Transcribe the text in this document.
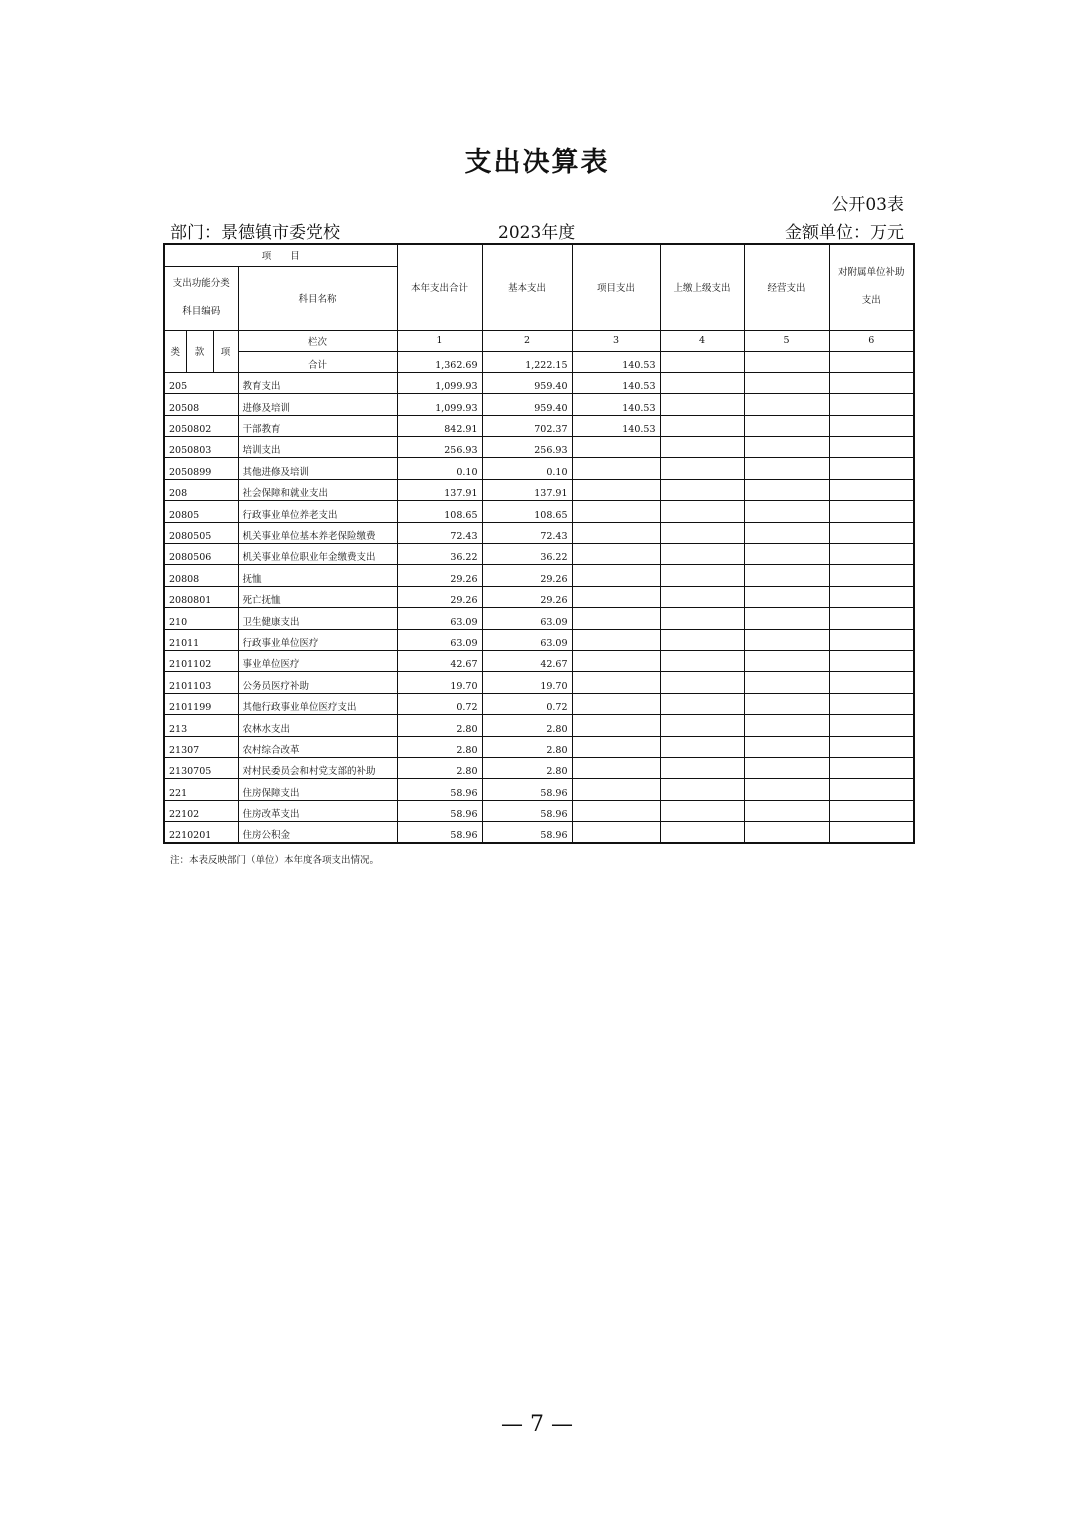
支出决算表
公开03表
部门：景德镇市委党校	2023年度	金额单位：万元
项　　目				本年支出合计	基本支出	项目支出	上缴上级支出	经营支出	对附属单位补助支出
支出功能分类
科目编码			科目名称						
类	款	项	栏次	1	2	3	4	5	6
			合计	1,362.69	1,222.15	140.53			
205			教育支出	1,099.93	959.40	140.53			
20508			进修及培训	1,099.93	959.40	140.53			
2050802			干部教育	842.91	702.37	140.53			
2050803			培训支出	256.93	256.93				
2050899			其他进修及培训	0.10	0.10				
208			社会保障和就业支出	137.91	137.91				
20805			行政事业单位养老支出	108.65	108.65				
2080505			机关事业单位基本养老保险缴费	72.43	72.43				
2080506			机关事业单位职业年金缴费支出	36.22	36.22				
20808			抚恤	29.26	29.26				
2080801			死亡抚恤	29.26	29.26				
210			卫生健康支出	63.09	63.09				
21011			行政事业单位医疗	63.09	63.09				
2101102			事业单位医疗	42.67	42.67				
2101103			公务员医疗补助	19.70	19.70				
2101199			其他行政事业单位医疗支出	0.72	0.72				
213			农林水支出	2.80	2.80				
21307			农村综合改革	2.80	2.80				
2130705			对村民委员会和村党支部的补助	2.80	2.80				
221			住房保障支出	58.96	58.96				
22102			住房改革支出	58.96	58.96				
2210201			住房公积金	58.96	58.96				
注：本表反映部门（单位）本年度各项支出情况。
— 7 —
